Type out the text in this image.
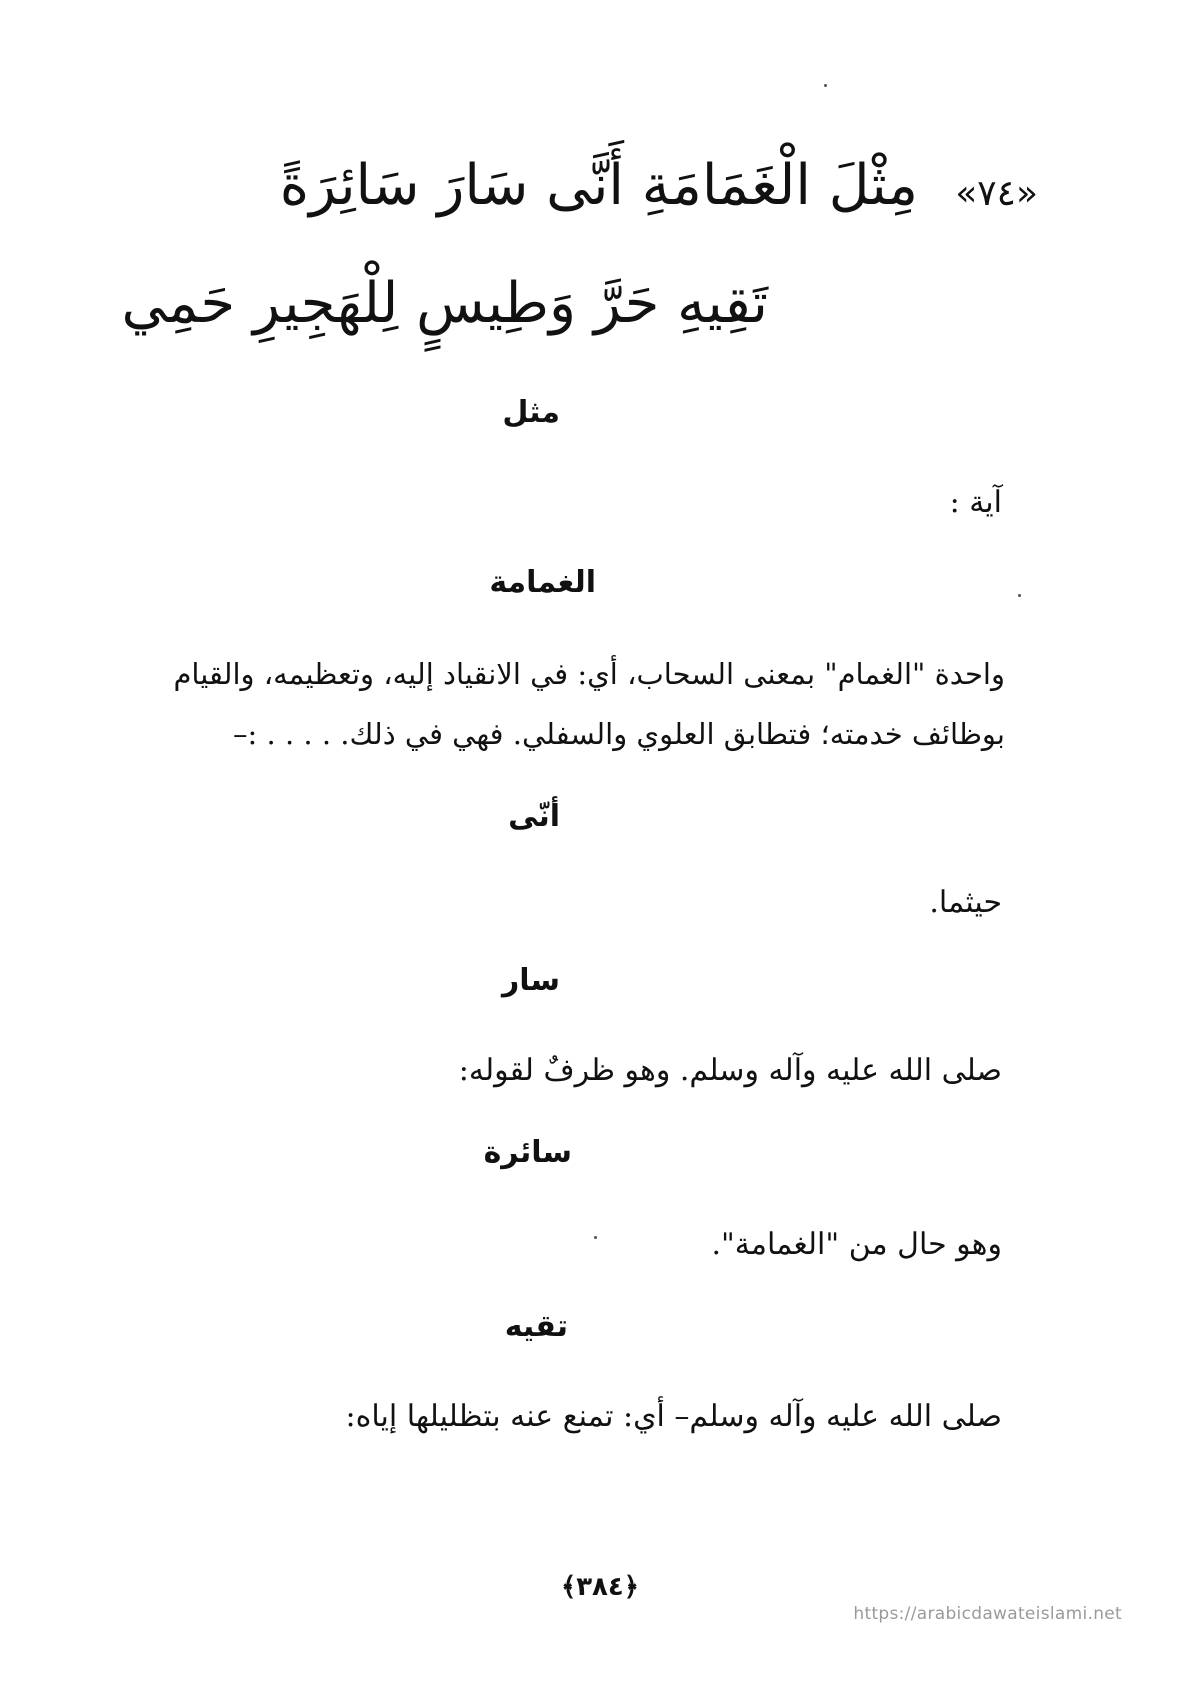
«٧٤»
مِثْلَ الْغَمَامَةِ أَنَّى سَارَ سَائِرَةً
تَقِيهِ حَرَّ وَطِيسٍ لِلْهَجِيرِ حَمِي
مثل
آية :
الغمامة
واحدة "الغمام" بمعنى السحاب، أي: في الانقياد إليه، وتعظيمه، والقيام
بوظائف خدمته؛ فتطابق العلوي والسفلي. فهي في ذلك. . . . . :–
أنّى
حيثما.
سار
صلى الله عليه وآله وسلم. وهو ظرفٌ لقوله:
سائرة
وهو حال من "الغمامة".
تقيه
صلى الله عليه وآله وسلم– أي: تمنع عنه بتظليلها إياه:
﴿٣٨٤﴾
https://arabicdawateislami.net
